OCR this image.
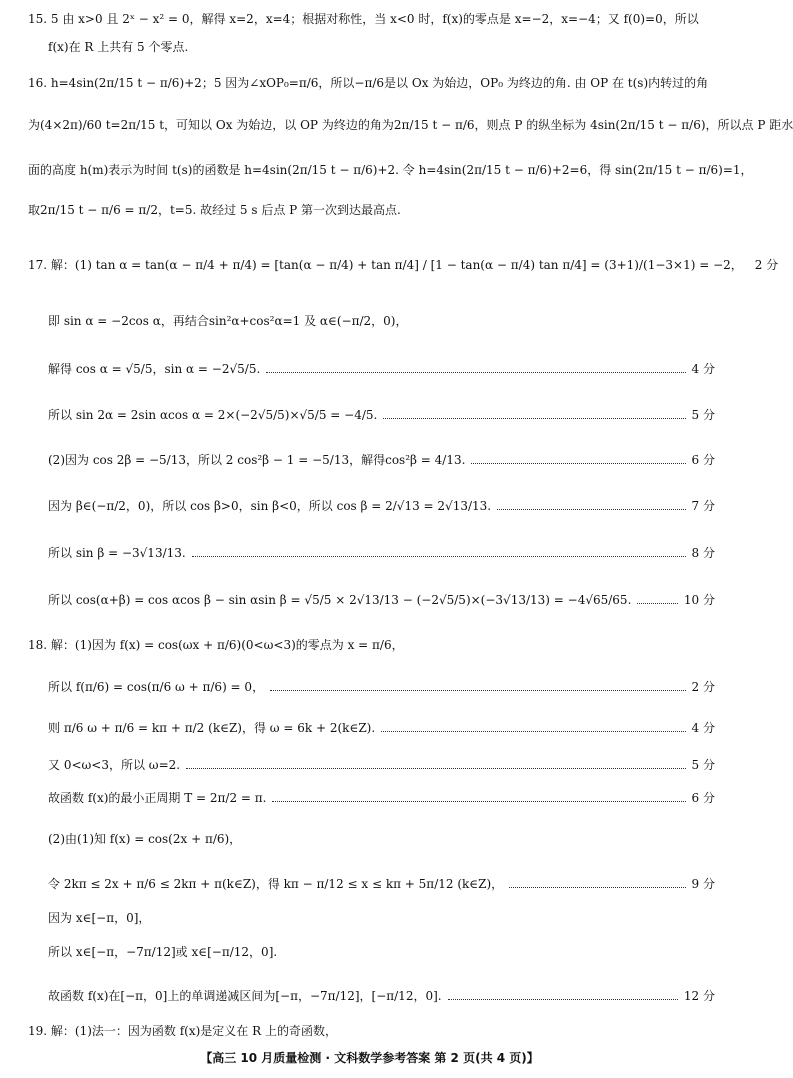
15. 5 由 x>0 且 2ˣ − x² = 0，解得 x=2，x=4；根据对称性，当 x<0 时，f(x)的零点是 x=−2，x=−4；又 f(0)=0，所以
f(x)在 R 上共有 5 个零点.
16. h=4sin(2π/15 t − π/6)+2；5 因为∠xOP₀=π/6，所以−π/6是以 Ox 为始边，OP₀ 为终边的角. 由 OP 在 t(s)内转过的角
为(4×2π)/60 t=2π/15 t，可知以 Ox 为始边，以 OP 为终边的角为2π/15 t − π/6，则点 P 的纵坐标为 4sin(2π/15 t − π/6)，所以点 P 距水
面的高度 h(m)表示为时间 t(s)的函数是 h=4sin(2π/15 t − π/6)+2. 令 h=4sin(2π/15 t − π/6)+2=6，得 sin(2π/15 t − π/6)=1，
取2π/15 t − π/6 = π/2，t=5. 故经过 5 s 后点 P 第一次到达最高点.
17. 解：(1) tan α = tan(α − π/4 + π/4) = [tan(α − π/4) + tan π/4] / [1 − tan(α − π/4) tan π/4] = (3+1)/(1−3×1) = −2， 2 分
即 sin α = −2cos α，再结合sin²α+cos²α=1 及 α∈(−π/2，0)，
解得 cos α = √5/5，sin α = −2√5/5.	4 分
所以 sin 2α = 2sin αcos α = 2×(−2√5/5)×√5/5 = −4/5.	5 分
(2)因为 cos 2β = −5/13，所以 2 cos²β − 1 = −5/13，解得cos²β = 4/13.	6 分
因为 β∈(−π/2，0)，所以 cos β>0，sin β<0，所以 cos β = 2/√13 = 2√13/13.	7 分
所以 sin β = −3√13/13.	8 分
所以 cos(α+β) = cos αcos β − sin αsin β = √5/5 × 2√13/13 − (−2√5/5)×(−3√13/13) = −4√65/65.	10 分
18. 解：(1)因为 f(x) = cos(ωx + π/6)(0<ω<3)的零点为 x = π/6，
所以 f(π/6) = cos(π/6 ω + π/6) = 0，	2 分
则 π/6 ω + π/6 = kπ + π/2 (k∈Z)，得 ω = 6k + 2(k∈Z).	4 分
又 0<ω<3，所以 ω=2.	5 分
故函数 f(x)的最小正周期 T = 2π/2 = π.	6 分
(2)由(1)知 f(x) = cos(2x + π/6)，
令 2kπ ≤ 2x + π/6 ≤ 2kπ + π(k∈Z)，得 kπ − π/12 ≤ x ≤ kπ + 5π/12 (k∈Z)，	9 分
因为 x∈[−π，0]，
所以 x∈[−π，−7π/12]或 x∈[−π/12，0].
故函数 f(x)在[−π，0]上的单调递减区间为[−π，−7π/12]，[−π/12，0].	12 分
19. 解：(1)法一：因为函数 f(x)是定义在 R 上的奇函数，
【高三 10 月质量检测 · 文科数学参考答案 第 2 页(共 4 页)】
